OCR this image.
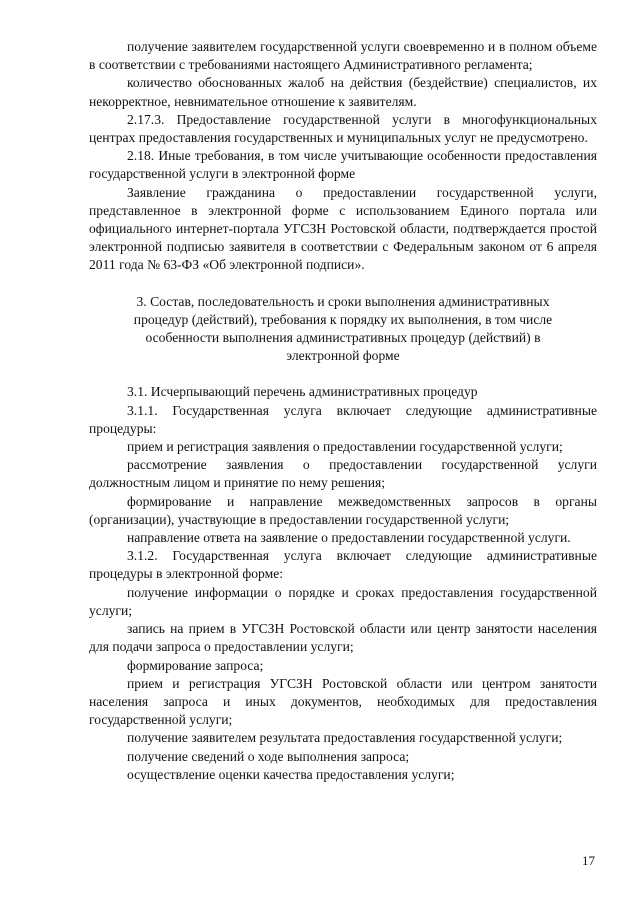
получение заявителем государственной услуги своевременно и в полном объеме в соответствии с требованиями настоящего Административного регламента;

количество обоснованных жалоб на действия (бездействие) специалистов, их некорректное, невнимательное отношение к заявителям.

2.17.3. Предоставление государственной услуги в многофункциональных центрах предоставления государственных и муниципальных услуг не предусмотрено.

2.18. Иные требования, в том числе учитывающие особенности предоставления государственной услуги в электронной форме

Заявление гражданина о предоставлении государственной услуги, представленное в электронной форме с использованием Единого портала или официального интернет-портала УГСЗН Ростовской области, подтверждается простой электронной подписью заявителя в соответствии с Федеральным законом от 6 апреля 2011 года № 63-ФЗ «Об электронной подписи».

3. Состав, последовательность и сроки выполнения административных процедур (действий), требования к порядку их выполнения, в том числе особенности выполнения административных процедур (действий) в электронной форме

3.1. Исчерпывающий перечень административных процедур

3.1.1. Государственная услуга включает следующие административные процедуры:

прием и регистрация заявления о предоставлении государственной услуги;

рассмотрение заявления о предоставлении государственной услуги должностным лицом и принятие по нему решения;

формирование и направление межведомственных запросов в органы (организации), участвующие в предоставлении государственной услуги;

направление ответа на заявление о предоставлении государственной услуги.

3.1.2. Государственная услуга включает следующие административные процедуры в электронной форме:

получение информации о порядке и сроках предоставления государственной услуги;

запись на прием в УГСЗН Ростовской области или центр занятости населения для подачи запроса о предоставлении услуги;

формирование запроса;

прием и регистрация УГСЗН Ростовской области или центром занятости населения запроса и иных документов, необходимых для предоставления государственной услуги;

получение заявителем результата предоставления государственной услуги;

получение сведений о ходе выполнения запроса;

осуществление оценки качества предоставления услуги;

17
